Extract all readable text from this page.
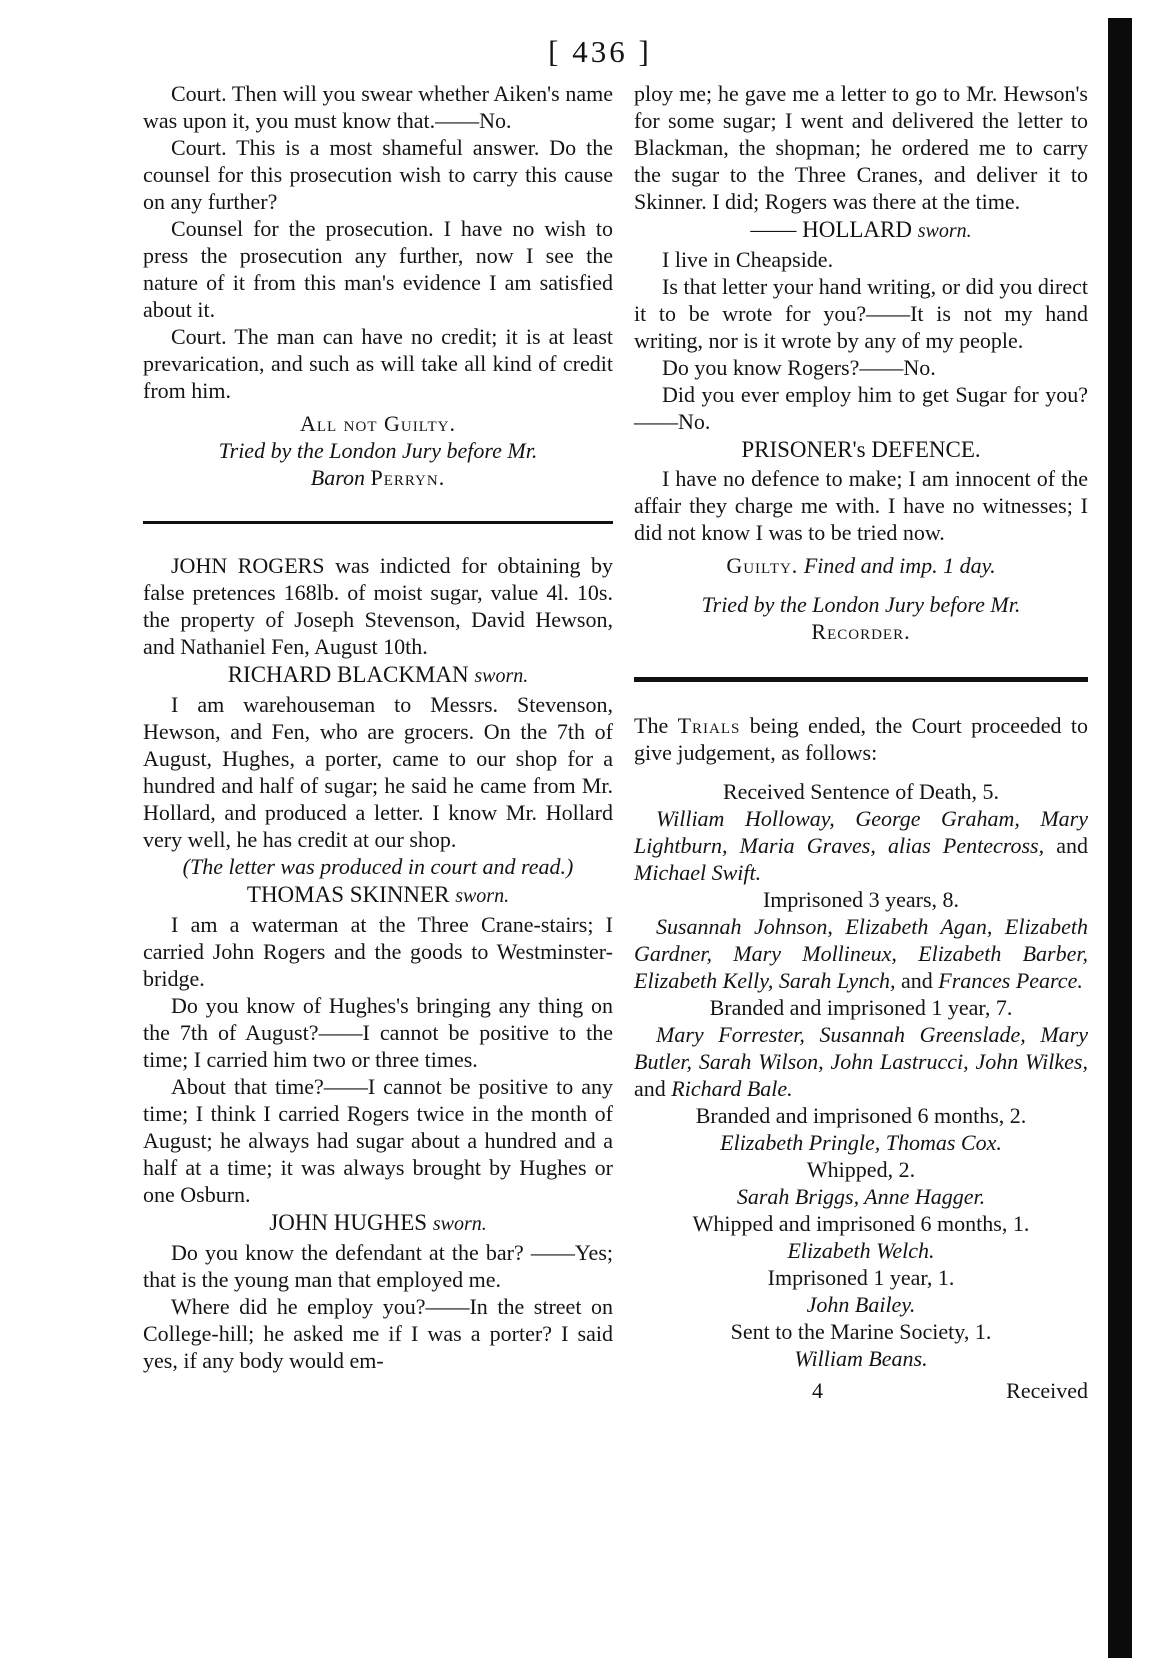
[ 436 ]

Court. Then will you swear whether Aiken's name was upon it, you must know that.——No.

Court. This is a most shameful answer. Do the counsel for this prosecution wish to carry this cause on any further?

Counsel for the prosecution. I have no wish to press the prosecution any further, now I see the nature of it from this man's evidence I am satisfied about it.

Court. The man can have no credit; it is at least prevarication, and such as will take all kind of credit from him.

All not Guilty.

Tried by the London Jury before Mr.

Baron Perryn.

JOHN ROGERS was indicted for obtaining by false pretences 168lb. of moist sugar, value 4l. 10s. the property of Joseph Stevenson, David Hewson, and Nathaniel Fen, August 10th.

RICHARD BLACKMAN sworn.

I am warehouseman to Messrs. Stevenson, Hewson, and Fen, who are grocers. On the 7th of August, Hughes, a porter, came to our shop for a hundred and half of sugar; he said he came from Mr. Hollard, and produced a letter. I know Mr. Hollard very well, he has credit at our shop.

(The letter was produced in court and read.)

THOMAS SKINNER sworn.

I am a waterman at the Three Crane-stairs; I carried John Rogers and the goods to Westminster-bridge.

Do you know of Hughes's bringing any thing on the 7th of August?——I cannot be positive to the time; I carried him two or three times.

About that time?——I cannot be positive to any time; I think I carried Rogers twice in the month of August; he always had sugar about a hundred and a half at a time; it was always brought by Hughes or one Osburn.

JOHN HUGHES sworn.

Do you know the defendant at the bar? ——Yes; that is the young man that employed me.

Where did he employ you?——In the street on College-hill; he asked me if I was a porter? I said yes, if any body would em-

ploy me; he gave me a letter to go to Mr. Hewson's for some sugar; I went and delivered the letter to Blackman, the shopman; he ordered me to carry the sugar to the Three Cranes, and deliver it to Skinner. I did; Rogers was there at the time.

—— HOLLARD sworn.

I live in Cheapside.

Is that letter your hand writing, or did you direct it to be wrote for you?——It is not my hand writing, nor is it wrote by any of my people.

Do you know Rogers?——No.

Did you ever employ him to get Sugar for you?——No.

PRISONER's DEFENCE.

I have no defence to make; I am innocent of the affair they charge me with. I have no witnesses; I did not know I was to be tried now.

Guilty. Fined and imp. 1 day.

Tried by the London Jury before Mr.

Recorder.

The Trials being ended, the Court proceeded to give judgement, as follows:

Received Sentence of Death, 5.

William Holloway, George Graham, Mary Lightburn, Maria Graves, alias Pentecross, and Michael Swift.

Imprisoned 3 years, 8.

Susannah Johnson, Elizabeth Agan, Elizabeth Gardner, Mary Mollineux, Elizabeth Barber, Elizabeth Kelly, Sarah Lynch, and Frances Pearce.

Branded and imprisoned 1 year, 7.

Mary Forrester, Susannah Greenslade, Mary Butler, Sarah Wilson, John Lastrucci, John Wilkes, and Richard Bale.

Branded and imprisoned 6 months, 2.

Elizabeth Pringle, Thomas Cox.

Whipped, 2.

Sarah Briggs, Anne Hagger.

Whipped and imprisoned 6 months, 1.

Elizabeth Welch.

Imprisoned 1 year, 1.

John Bailey.

Sent to the Marine Society, 1.

William Beans.

4	Received
